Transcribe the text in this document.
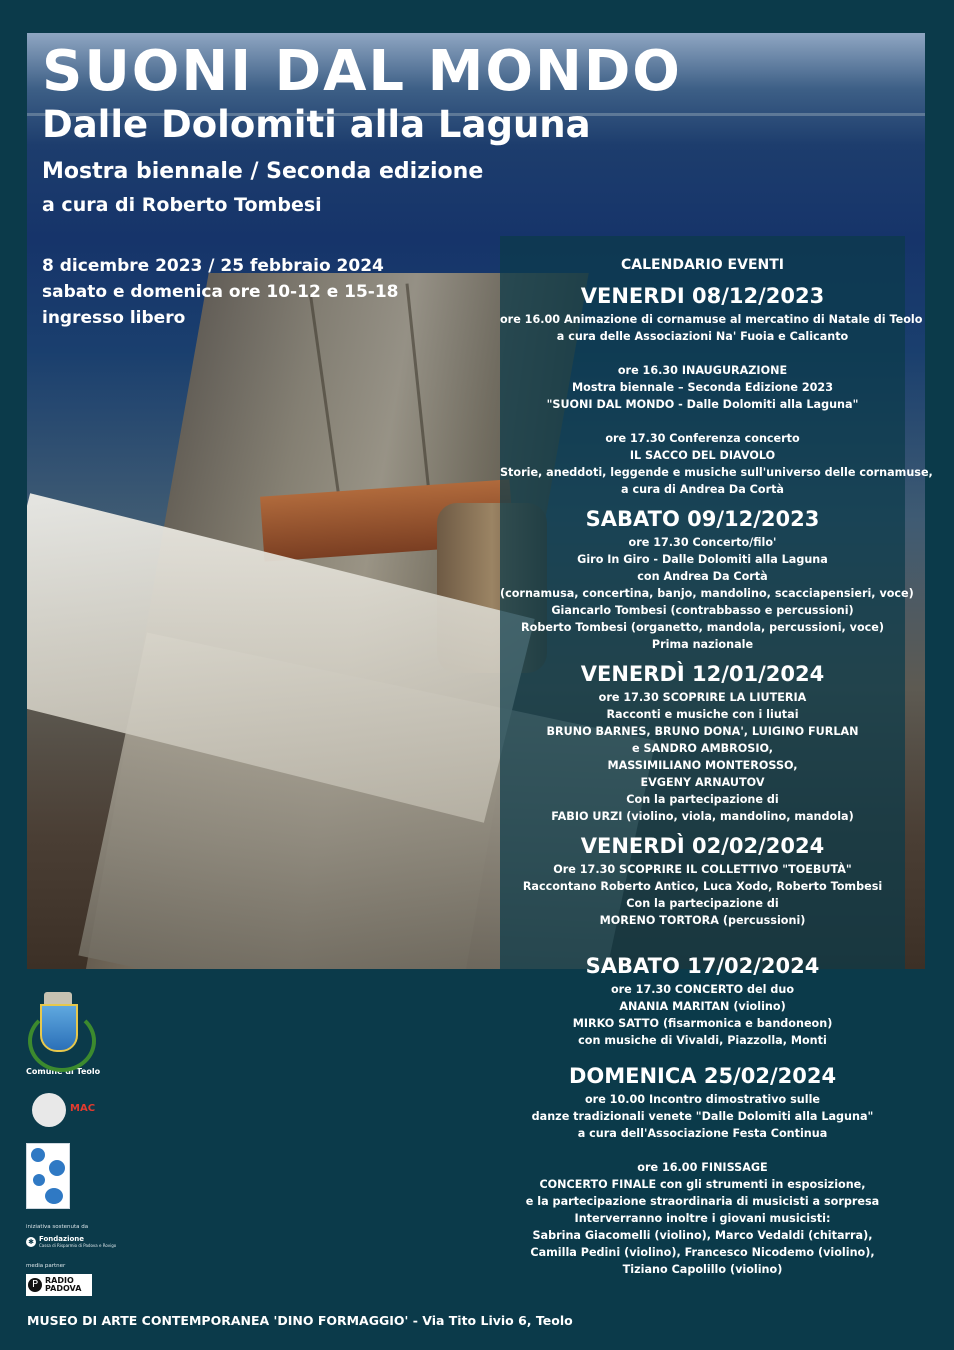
SUONI DAL MONDO
Dalle Dolomiti alla Laguna
Mostra biennale / Seconda edizione
a cura di Roberto Tombesi
8 dicembre 2023 / 25 febbraio 2024
sabato e domenica ore 10-12 e 15-18
ingresso libero
CALENDARIO EVENTI
VENERDI 08/12/2023
ore 16.00 Animazione di cornamuse al mercatino di Natale di Teolo
a cura delle Associazioni Na' Fuoia e Calicanto
ore 16.30 INAUGURAZIONE
Mostra biennale – Seconda Edizione 2023
"SUONI DAL MONDO - Dalle Dolomiti alla Laguna"
ore 17.30 Conferenza concerto
IL SACCO DEL DIAVOLO
Storie, aneddoti, leggende e musiche sull'universo delle cornamuse,
a cura di Andrea Da Cortà
SABATO 09/12/2023
ore 17.30 Concerto/filo'
Giro In Giro - Dalle Dolomiti alla Laguna
con Andrea Da Cortà
(cornamusa, concertina, banjo, mandolino, scacciapensieri, voce)
Giancarlo Tombesi (contrabbasso e percussioni)
Roberto Tombesi (organetto, mandola, percussioni, voce)
Prima nazionale
VENERDÌ 12/01/2024
ore 17.30 SCOPRIRE LA LIUTERIA
Racconti e musiche con i liutai
BRUNO BARNES, BRUNO DONA', LUIGINO FURLAN
e SANDRO AMBROSIO,
MASSIMILIANO MONTEROSSO,
EVGENY ARNAUTOV
Con la partecipazione di
FABIO URZI (violino, viola, mandolino, mandola)
VENERDÌ 02/02/2024
Ore 17.30 SCOPRIRE IL COLLETTIVO "TOEBUTÀ"
Raccontano Roberto Antico, Luca Xodo, Roberto Tombesi
Con la partecipazione di
MORENO TORTORA (percussioni)
SABATO 17/02/2024
ore 17.30 CONCERTO del duo
ANANIA MARITAN (violino)
MIRKO SATTO (fisarmonica e bandoneon)
con musiche di Vivaldi, Piazzolla, Monti
DOMENICA 25/02/2024
ore 10.00 Incontro dimostrativo sulle
danze tradizionali venete "Dalle Dolomiti alla Laguna"
a cura dell'Associazione Festa Continua
ore 16.00 FINISSAGE
CONCERTO FINALE con gli strumenti in esposizione,
e la partecipazione straordinaria di musicisti a sorpresa
Interverranno inoltre i giovani musicisti:
Sabrina Giacomelli (violino), Marco Vedaldi (chitarra),
Camilla Pedini (violino), Francesco Nicodemo (violino),
Tiziano Capolillo (violino)
Comune di Teolo
MAC
iniziativa sostenuta da
✱ Fondazione
Cassa di Risparmio di Padova e Rovigo
media partner
P RADIO
PADOVA
MUSEO DI ARTE CONTEMPORANEA 'DINO FORMAGGIO' - Via Tito Livio 6, Teolo
